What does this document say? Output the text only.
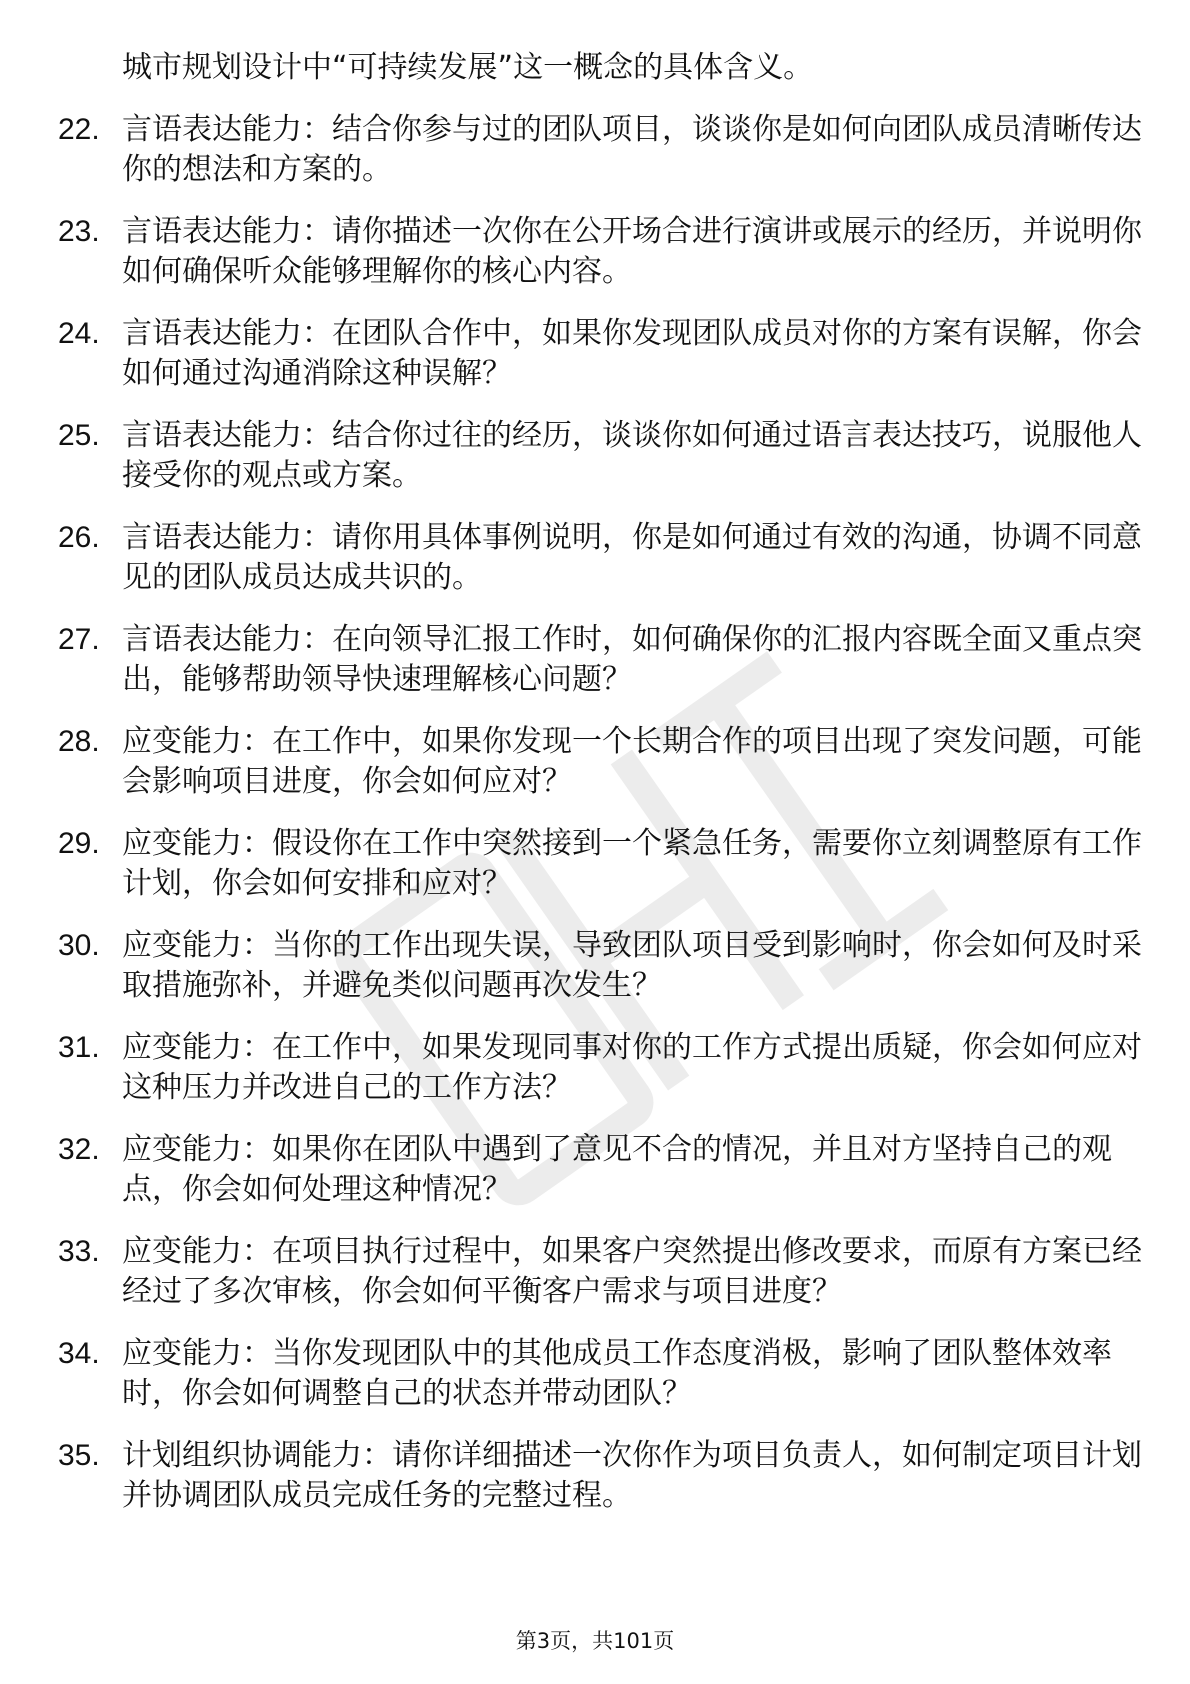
城市规划设计中“可持续发展”这一概念的具体含义。
22. 言语表达能力：结合你参与过的团队项目，谈谈你是如何向团队成员清晰传达你的想法和方案的。
23. 言语表达能力：请你描述一次你在公开场合进行演讲或展示的经历，并说明你如何确保听众能够理解你的核心内容。
24. 言语表达能力：在团队合作中，如果你发现团队成员对你的方案有误解，你会如何通过沟通消除这种误解？
25. 言语表达能力：结合你过往的经历，谈谈你如何通过语言表达技巧，说服他人接受你的观点或方案。
26. 言语表达能力：请你用具体事例说明，你是如何通过有效的沟通，协调不同意见的团队成员达成共识的。
27. 言语表达能力：在向领导汇报工作时，如何确保你的汇报内容既全面又重点突出，能够帮助领导快速理解核心问题？
28. 应变能力：在工作中，如果你发现一个长期合作的项目出现了突发问题，可能会影响项目进度，你会如何应对？
29. 应变能力：假设你在工作中突然接到一个紧急任务，需要你立刻调整原有工作计划，你会如何安排和应对？
30. 应变能力：当你的工作出现失误，导致团队项目受到影响时，你会如何及时采取措施弥补，并避免类似问题再次发生？
31. 应变能力：在工作中，如果发现同事对你的工作方式提出质疑，你会如何应对这种压力并改进自己的工作方法？
32. 应变能力：如果你在团队中遇到了意见不合的情况，并且对方坚持自己的观点，你会如何处理这种情况？
33. 应变能力：在项目执行过程中，如果客户突然提出修改要求，而原有方案已经经过了多次审核，你会如何平衡客户需求与项目进度？
34. 应变能力：当你发现团队中的其他成员工作态度消极，影响了团队整体效率时，你会如何调整自己的状态并带动团队？
35. 计划组织协调能力：请你详细描述一次你作为项目负责人，如何制定项目计划并协调团队成员完成任务的完整过程。
第3页，共101页
